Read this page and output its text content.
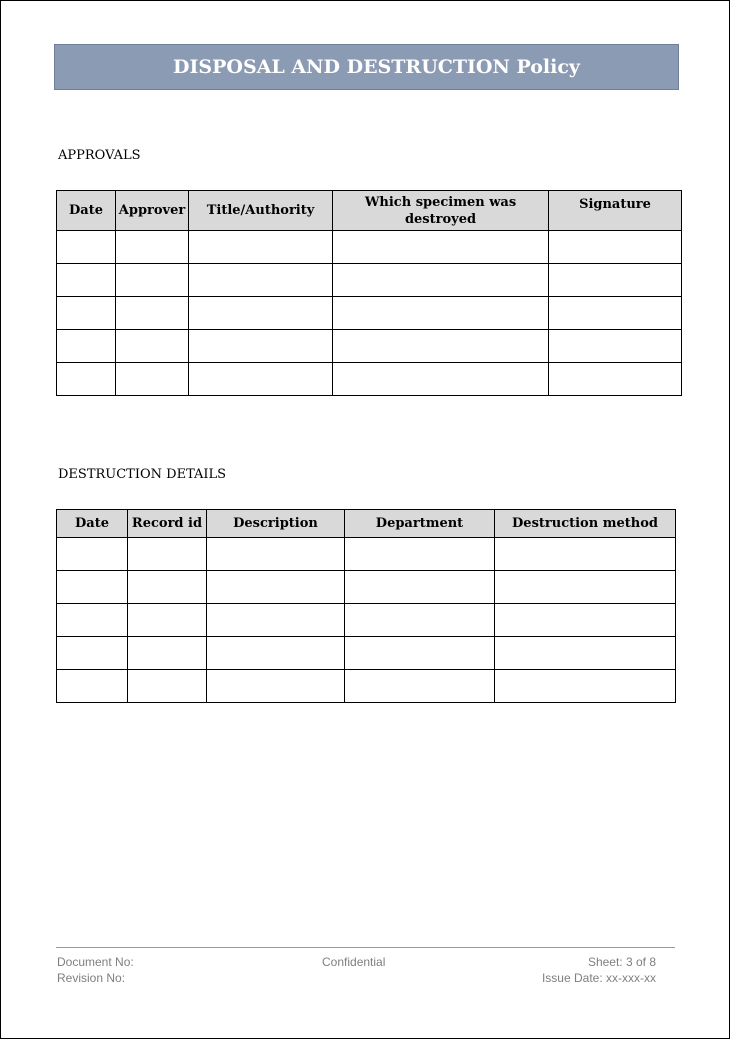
DISPOSAL AND DESTRUCTION Policy
APPROVALS
Date	Approver	Title/Authority	Which specimen was destroyed	Signature

DESTRUCTION DETAILS
Date	Record id	Description	Department	Destruction method

Document No:
Revision No:
Confidential	Sheet: 3 of 8
Issue Date: xx-xxx-xx
